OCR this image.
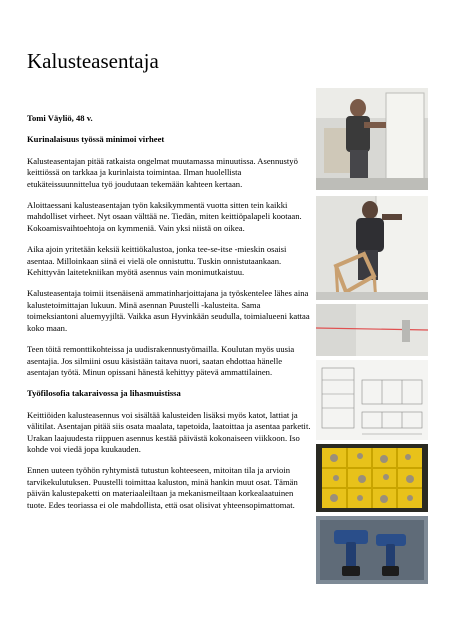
Kalusteasentaja

Tomi Väyliö, 48 v.

Kurinalaisuus työssä minimoi virheet

Kalusteasentajan pitää ratkaista ongelmat muutamassa minuutissa. Asennustyö keittiössä on tarkkaa ja kurinlaista toimintaa. Ilman huolellista etukäteissuunnittelua työ joudutaan tekemään kahteen kertaan.

Aloittaessani kalusteasentajan työn kaksikymmentä vuotta sitten tein kaikki mahdolliset virheet. Nyt osaan välttää ne. Tiedän, miten keittiöpalapeli kootaan. Kokoamisvaihtoehtoja on kymmeniä. Vain yksi niistä on oikea.

Aika ajoin yritetään keksiä keittiökalustoa, jonka tee-se-itse -mieskin osaisi asentaa. Milloinkaan siinä ei vielä ole onnistuttu. Tuskin onnistutaankaan. Kehittyvän laitetekniikan myötä asennus vain monimutkaistuu.

Kalusteasentaja toimii itsenäisenä ammatinharjoittajana ja työskentelee lähes aina kalustetoimittajan lukuun. Minä asennan Puustelli -kalusteita. Sama toimeksiantoni aluemyyjiltä. Vaikka asun Hyvinkään seudulla, toimialueeni kattaa koko maan.

Teen töitä remonttikohteissa ja uudisrakennustyömailla. Koulutan myös uusia asentajia. Jos silmiini osuu käsistään taitava nuori, saatan ehdottaa hänelle asentajan työtä. Minun opissani hänestä kehittyy pätevä ammattilainen.

Työfilosofia takaraivossa ja lihasmuistissa

Keittiöiden kalusteasennus voi sisältää kalusteiden lisäksi myös katot, lattiat ja välitilat. Asentajan pitää siis osata maalata, tapetoida, laatoittaa ja asentaa parketit. Urakan laajuudesta riippuen asennus kestää päivästä kokonaiseen viikkoon. Iso kohde voi viedä jopa kuukauden.

Ennen uuteen työhön ryhtymistä tutustun kohteeseen, mitoitan tila ja arvioin tarvikekulutuksen. Puustelli toimittaa kaluston, minä hankin muut osat. Tämän päivän kalustepaketti on materiaaleiltaan ja mekanismeiltaan korkealaatuinen tuote. Edes teoriassa ei ole mahdollista, että osat olisivat yhteensopimattomat.
